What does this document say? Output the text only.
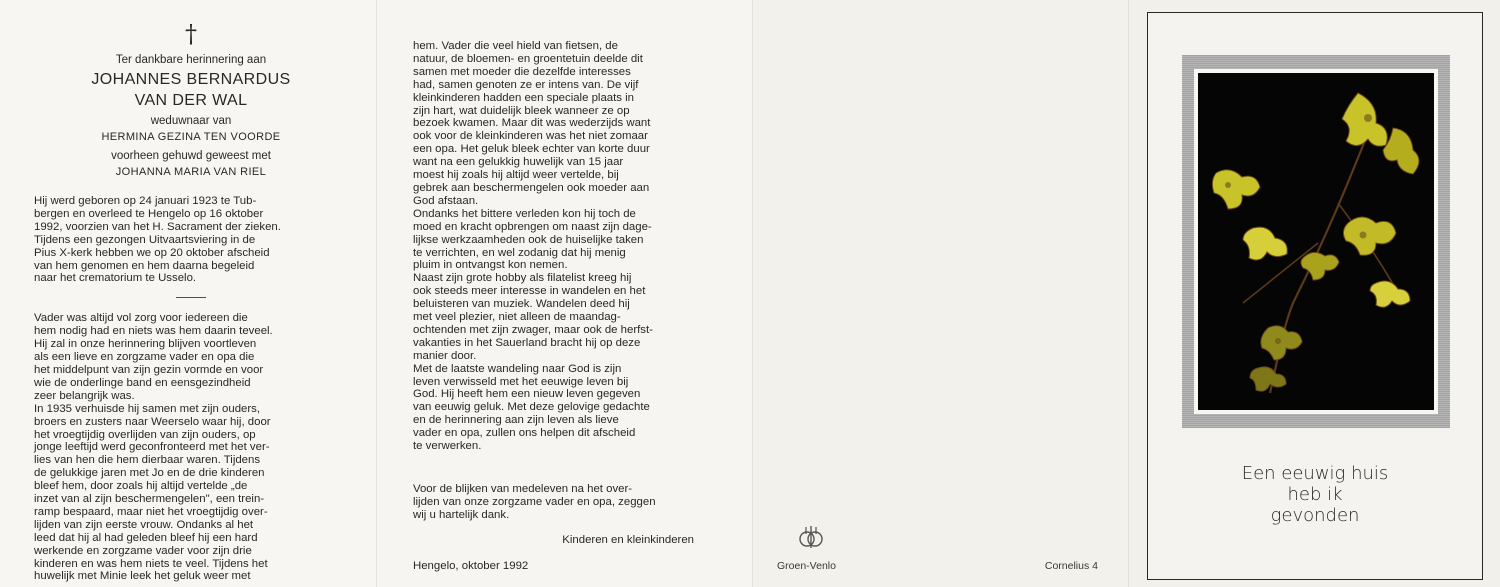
†

Ter dankbare herinnering aan

JOHANNES BERNARDUS
VAN DER WAL

weduwnaar van

HERMINA GEZINA TEN VOORDE

voorheen gehuwd geweest met

JOHANNA MARIA VAN RIEL

Hij werd geboren op 24 januari 1923 te Tub-
bergen en overleed te Hengelo op 16 oktober
1992, voorzien van het H. Sacrament der zieken.
Tijdens een gezongen Uitvaartsviering in de
Pius X-kerk hebben we op 20 oktober afscheid
van hem genomen en hem daarna begeleid
naar het crematorium te Usselo.

Vader was altijd vol zorg voor iedereen die
hem nodig had en niets was hem daarin teveel.
Hij zal in onze herinnering blijven voortleven
als een lieve en zorgzame vader en opa die
het middelpunt van zijn gezin vormde en voor
wie de onderlinge band en eensgezindheid
zeer belangrijk was.
In 1935 verhuisde hij samen met zijn ouders,
broers en zusters naar Weerselo waar hij, door
het vroegtijdig overlijden van zijn ouders, op
jonge leeftijd werd geconfronteerd met het ver-
lies van hen die hem dierbaar waren. Tijdens
de gelukkige jaren met Jo en de drie kinderen
bleef hem, door zoals hij altijd vertelde „de
inzet van al zijn beschermengelen", een trein-
ramp bespaard, maar niet het vroegtijdig over-
lijden van zijn eerste vrouw. Ondanks al het
leed dat hij al had geleden bleef hij een hard
werkende en zorgzame vader voor zijn drie
kinderen en was hem niets te veel. Tijdens het
huwelijk met Minie leek het geluk weer met

hem. Vader die veel hield van fietsen, de
natuur, de bloemen- en groentetuin deelde dit
samen met moeder die dezelfde interesses
had, samen genoten ze er intens van. De vijf
kleinkinderen hadden een speciale plaats in
zijn hart, wat duidelijk bleek wanneer ze op
bezoek kwamen. Maar dit was wederzijds want
ook voor de kleinkinderen was het niet zomaar
een opa. Het geluk bleek echter van korte duur
want na een gelukkig huwelijk van 15 jaar
moest hij zoals hij altijd weer vertelde, bij
gebrek aan beschermengelen ook moeder aan
God afstaan.
Ondanks het bittere verleden kon hij toch de
moed en kracht opbrengen om naast zijn dage-
lijkse werkzaamheden ook de huiselijke taken
te verrichten, en wel zodanig dat hij menig
pluim in ontvangst kon nemen.
Naast zijn grote hobby als filatelist kreeg hij
ook steeds meer interesse in wandelen en het
beluisteren van muziek. Wandelen deed hij
met veel plezier, niet alleen de maandag-
ochtenden met zijn zwager, maar ook de herfst-
vakanties in het Sauerland bracht hij op deze
manier door.
Met de laatste wandeling naar God is zijn
leven verwisseld met het eeuwige leven bij
God. Hij heeft hem een nieuw leven gegeven
van eeuwig geluk. Met deze gelovige gedachte
en de herinnering aan zijn leven als lieve
vader en opa, zullen ons helpen dit afscheid
te verwerken.

Voor de blijken van medeleven na het over-
lijden van onze zorgzame vader en opa, zeggen
wij u hartelijk dank.

Kinderen en kleinkinderen
Hengelo, oktober 1992	Groen-Venlo	Cornelius 4
Een eeuwig huis
heb ik
gevonden
